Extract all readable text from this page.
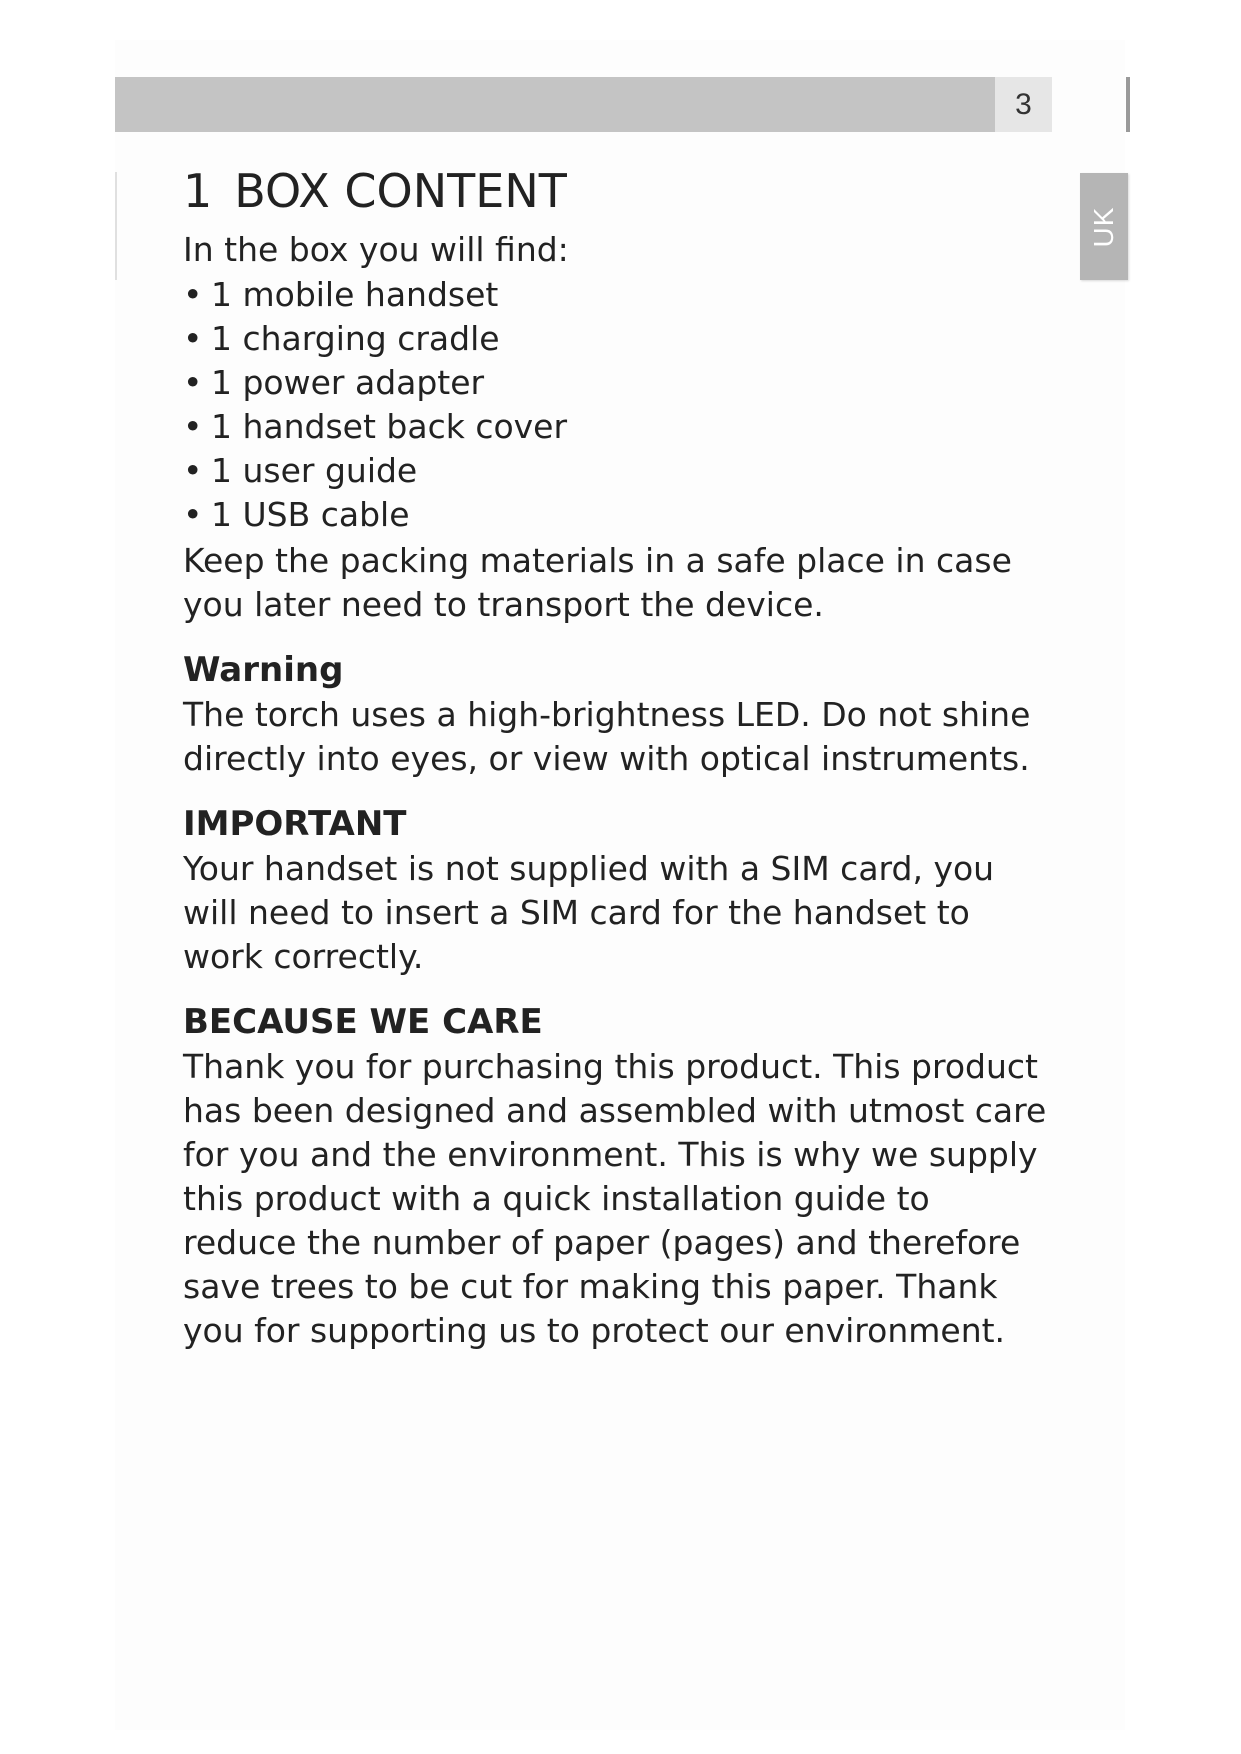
3
UK
1 BOX CONTENT

In the box you will find:

• 1 mobile handset
• 1 charging cradle
• 1 power adapter
• 1 handset back cover
• 1 user guide
• 1 USB cable

Keep the packing materials in a safe place in case

you later need to transport the device.

Warning

The torch uses a high-brightness LED. Do not shine

directly into eyes, or view with optical instruments.

IMPORTANT

Your handset is not supplied with a SIM card, you

will need to insert a SIM card for the handset to

work correctly.

BECAUSE WE CARE

Thank you for purchasing this product. This product

has been designed and assembled with utmost care

for you and the environment. This is why we supply

this product with a quick installation guide to

reduce the number of paper (pages) and therefore

save trees to be cut for making this paper. Thank

you for supporting us to protect our environment.
